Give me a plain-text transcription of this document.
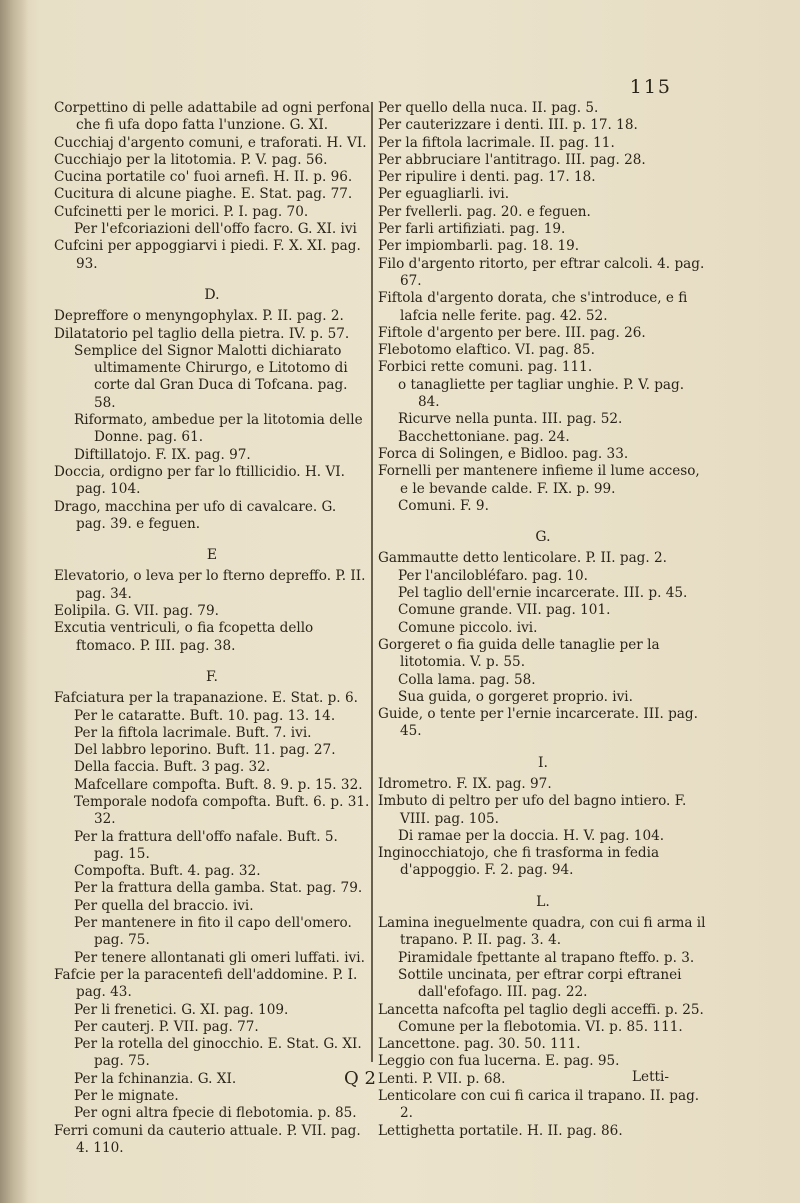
115

Corpettino di pelle adattabile ad ogni perfona che fi ufa dopo fatta l'unzione. G. XI.

Cucchiaj d'argento comuni, e traforati. H. VI.

Cucchiajo per la litotomia. P. V. pag. 56.

Cucina portatile co' fuoi arnefi. H. II. p. 96.

Cucitura di alcune piaghe. E. Stat. pag. 77.

Cufcinetti per le morici. P. I. pag. 70.

Per l'efcoriazioni dell'offo facro. G. XI. ivi

Cufcini per appoggiarvi i piedi. F. X. XI. pag. 93.

D.

Depreffore o menyngophylax. P. II. pag. 2.

Dilatatorio pel taglio della pietra. IV. p. 57.

Semplice del Signor Malotti dichiarato ultimamente Chirurgo, e Litotomo di corte dal Gran Duca di Tofcana. pag. 58.

Riformato, ambedue per la litotomia delle Donne. pag. 61.

Diftillatojo. F. IX. pag. 97.

Doccia, ordigno per far lo ftillicidio. H. VI. pag. 104.

Drago, macchina per ufo di cavalcare. G. pag. 39. e feguen.

E

Elevatorio, o leva per lo fterno depreffo. P. II. pag. 34.

Eolipila. G. VII. pag. 79.

Excutia ventriculi, o fia fcopetta dello ftomaco. P. III. pag. 38.

F.

Fafciatura per la trapanazione. E. Stat. p. 6.

Per le cataratte. Buft. 10. pag. 13. 14.

Per la fiftola lacrimale. Buft. 7. ivi.

Del labbro leporino. Buft. 11. pag. 27.

Della faccia. Buft. 3 pag. 32.

Mafcellare compofta. Buft. 8. 9. p. 15. 32.

Temporale nodofa compofta. Buft. 6. p. 31. 32.

Per la frattura dell'offo nafale. Buft. 5. pag. 15.

Compofta. Buft. 4. pag. 32.

Per la frattura della gamba. Stat. pag. 79.

Per quella del braccio. ivi.

Per mantenere in fito il capo dell'omero. pag. 75.

Per tenere allontanati gli omeri luffati. ivi.

Fafcie per la paracentefi dell'addomine. P. I. pag. 43.

Per li frenetici. G. XI. pag. 109.

Per cauterj. P. VII. pag. 77.

Per la rotella del ginocchio. E. Stat. G. XI. pag. 75.

Per la fchinanzia. G. XI.

Per le mignate.

Per ogni altra fpecie di flebotomia. p. 85.

Ferri comuni da cauterio attuale. P. VII. pag. 4. 110.

Per quello della nuca. II. pag. 5.

Per cauterizzare i denti. III. p. 17. 18.

Per la fiftola lacrimale. II. pag. 11.

Per abbruciare l'antitrago. III. pag. 28.

Per ripulire i denti. pag. 17. 18.

Per eguagliarli. ivi.

Per fvellerli. pag. 20. e feguen.

Per farli artifiziati. pag. 19.

Per impiombarli. pag. 18. 19.

Filo d'argento ritorto, per eftrar calcoli. 4. pag. 67.

Fiftola d'argento dorata, che s'introduce, e fi lafcia nelle ferite. pag. 42. 52.

Fiftole d'argento per bere. III. pag. 26.

Flebotomo elaftico. VI. pag. 85.

Forbici rette comuni. pag. 111.

o tanagliette per tagliar unghie. P. V. pag. 84.

Ricurve nella punta. III. pag. 52.

Bacchettoniane. pag. 24.

Forca di Solingen, e Bidloo. pag. 33.

Fornelli per mantenere infieme il lume acceso, e le bevande calde. F. IX. p. 99.

Comuni. F. 9.

G.

Gammautte detto lenticolare. P. II. pag. 2.

Per l'ancilobléfaro. pag. 10.

Pel taglio dell'ernie incarcerate. III. p. 45.

Comune grande. VII. pag. 101.

Comune piccolo. ivi.

Gorgeret o fia guida delle tanaglie per la litotomia. V. p. 55.

Colla lama. pag. 58.

Sua guida, o gorgeret proprio. ivi.

Guide, o tente per l'ernie incarcerate. III. pag. 45.

I.

Idrometro. F. IX. pag. 97.

Imbuto di peltro per ufo del bagno intiero. F. VIII. pag. 105.

Di ramae per la doccia. H. V. pag. 104.

Inginocchiatojo, che fi trasforma in fedia d'appoggio. F. 2. pag. 94.

L.

Lamina ineguelmente quadra, con cui fi arma il trapano. P. II. pag. 3. 4.

Piramidale fpettante al trapano fteffo. p. 3.

Sottile uncinata, per eftrar corpi eftranei dall'efofago. III. pag. 22.

Lancetta nafcofta pel taglio degli acceffi. p. 25.

Comune per la flebotomia. VI. p. 85. 111.

Lancettone. pag. 30. 50. 111.

Leggio con fua lucerna. E. pag. 95.

Lenti. P. VII. p. 68.

Lenticolare con cui fi carica il trapano. II. pag. 2.

Lettighetta portatile. H. II. pag. 86.

Q 2	Letti-
